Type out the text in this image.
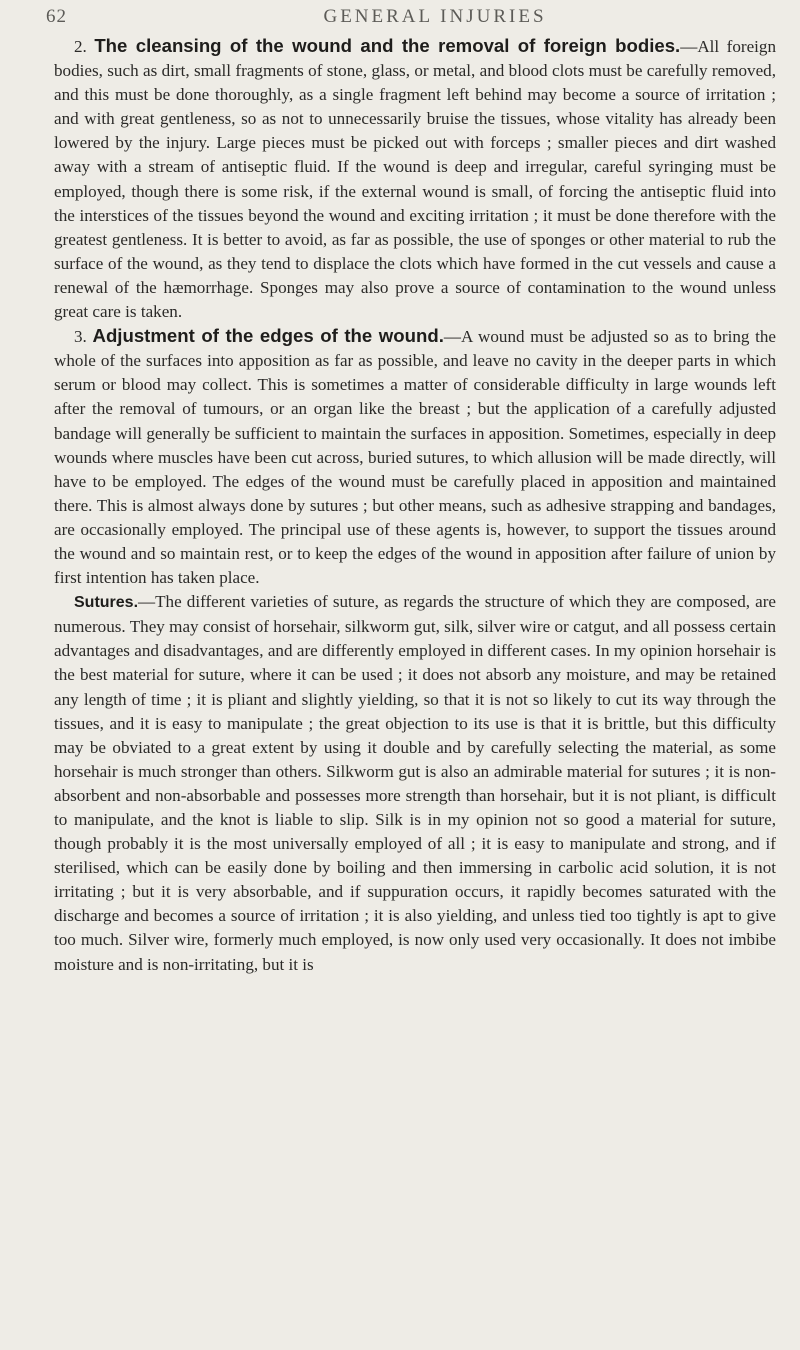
62	GENERAL INJURIES

2. The cleansing of the wound and the removal of foreign bodies.—All foreign bodies, such as dirt, small fragments of stone, glass, or metal, and blood clots must be carefully removed, and this must be done thoroughly, as a single fragment left behind may become a source of irritation ; and with great gentleness, so as not to unnecessarily bruise the tissues, whose vitality has already been lowered by the injury. Large pieces must be picked out with forceps ; smaller pieces and dirt washed away with a stream of antiseptic fluid. If the wound is deep and irregular, careful syringing must be employed, though there is some risk, if the external wound is small, of forcing the antiseptic fluid into the interstices of the tissues beyond the wound and exciting irritation ; it must be done therefore with the greatest gentleness. It is better to avoid, as far as possible, the use of sponges or other material to rub the surface of the wound, as they tend to displace the clots which have formed in the cut vessels and cause a renewal of the hæmorrhage. Sponges may also prove a source of contamination to the wound unless great care is taken.

3. Adjustment of the edges of the wound.—A wound must be adjusted so as to bring the whole of the surfaces into apposition as far as possible, and leave no cavity in the deeper parts in which serum or blood may collect. This is sometimes a matter of considerable difficulty in large wounds left after the removal of tumours, or an organ like the breast ; but the application of a carefully adjusted bandage will generally be sufficient to maintain the surfaces in apposition. Sometimes, especially in deep wounds where muscles have been cut across, buried sutures, to which allusion will be made directly, will have to be employed. The edges of the wound must be carefully placed in apposition and maintained there. This is almost always done by sutures ; but other means, such as adhesive strapping and bandages, are occasionally employed. The principal use of these agents is, however, to support the tissues around the wound and so maintain rest, or to keep the edges of the wound in apposition after failure of union by first intention has taken place.

Sutures.—The different varieties of suture, as regards the structure of which they are composed, are numerous. They may consist of horsehair, silkworm gut, silk, silver wire or catgut, and all possess certain advantages and disadvantages, and are differently employed in different cases. In my opinion horsehair is the best material for suture, where it can be used ; it does not absorb any moisture, and may be retained any length of time ; it is pliant and slightly yielding, so that it is not so likely to cut its way through the tissues, and it is easy to manipulate ; the great objection to its use is that it is brittle, but this difficulty may be obviated to a great extent by using it double and by carefully selecting the material, as some horsehair is much stronger than others. Silkworm gut is also an admirable material for sutures ; it is non-absorbent and non-absorbable and possesses more strength than horsehair, but it is not pliant, is difficult to manipulate, and the knot is liable to slip. Silk is in my opinion not so good a material for suture, though probably it is the most universally employed of all ; it is easy to manipulate and strong, and if sterilised, which can be easily done by boiling and then immersing in carbolic acid solution, it is not irritating ; but it is very absorbable, and if suppuration occurs, it rapidly becomes saturated with the discharge and becomes a source of irritation ; it is also yielding, and unless tied too tightly is apt to give too much. Silver wire, formerly much employed, is now only used very occasionally. It does not imbibe moisture and is non-irritating, but it is
